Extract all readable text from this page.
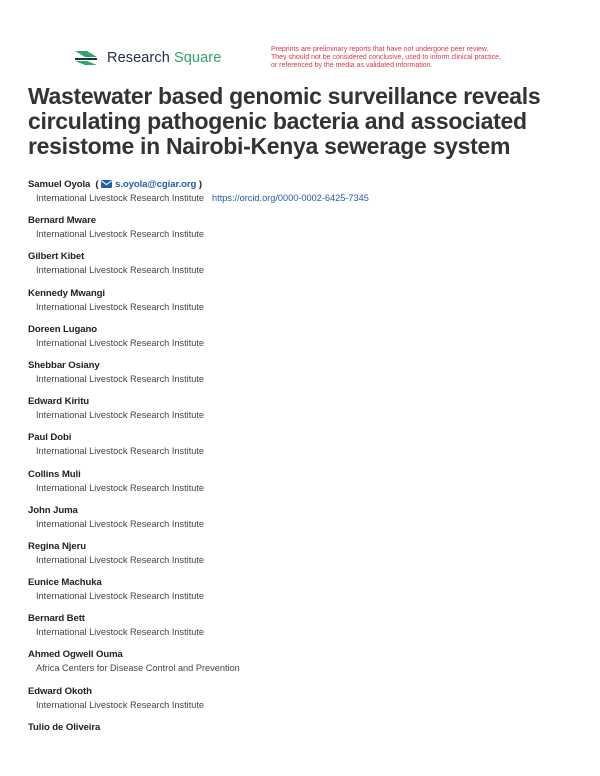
Research Square
Preprints are preliminary reports that have not undergone peer review.
They should not be considered conclusive, used to inform clinical practice,
or referenced by the media as validated information.
Wastewater based genomic surveillance reveals circulating pathogenic bacteria and associated resistome in Nairobi-Kenya sewerage system
Samuel Oyola  ( s.oyola@cgiar.org )
International Livestock Research Institute https://orcid.org/0000-0002-6425-7345
Bernard Mware
International Livestock Research Institute
Gilbert Kibet
International Livestock Research Institute
Kennedy Mwangi
International Livestock Research Institute
Doreen Lugano
International Livestock Research Institute
Shebbar Osiany
International Livestock Research Institute
Edward Kiritu
International Livestock Research Institute
Paul Dobi
International Livestock Research Institute
Collins Muli
International Livestock Research Institute
John Juma
International Livestock Research Institute
Regina Njeru
International Livestock Research Institute
Eunice Machuka
International Livestock Research Institute
Bernard Bett
International Livestock Research Institute
Ahmed Ogwell Ouma
Africa Centers for Disease Control and Prevention
Edward Okoth
International Livestock Research Institute
Tulio de Oliveira
